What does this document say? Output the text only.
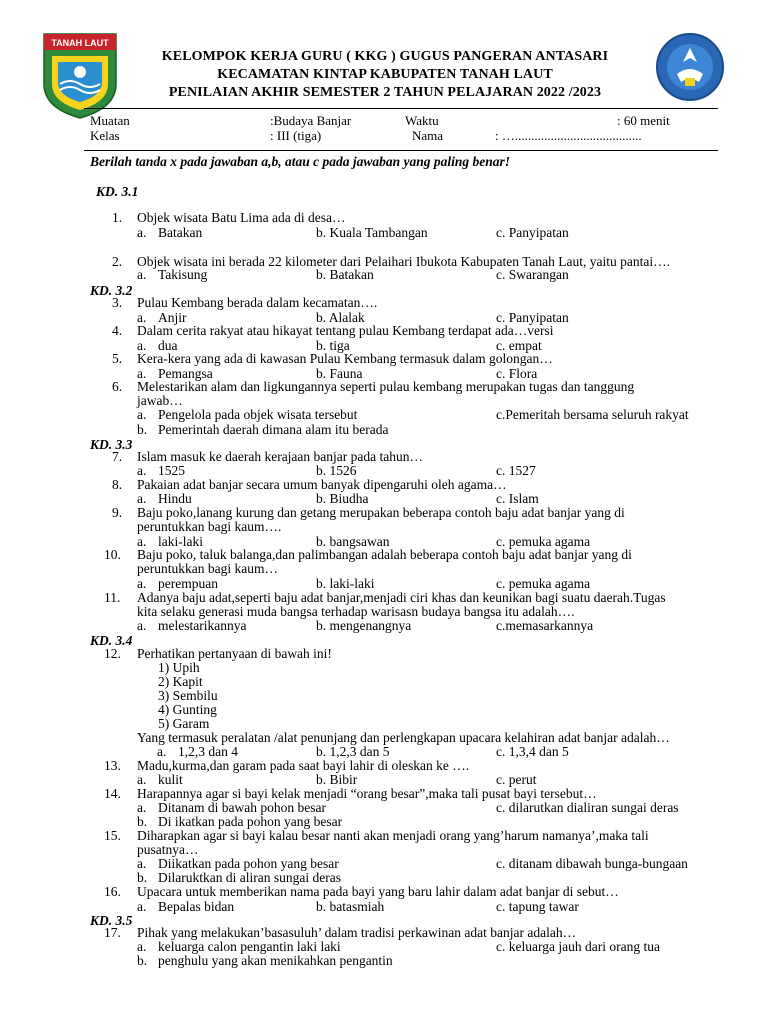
TANAH LAUT
KELOMPOK KERJA GURU ( KKG ) GUGUS PANGERAN ANTASARI
KECAMATAN KINTAP KABUPATEN TANAH LAUT
PENILAIAN AKHIR SEMESTER 2 TAHUN PELAJARAN 2022 /2023
Muatan	:Budaya Banjar	Waktu	: 60 menit
Kelas	: III (tiga)	Nama	: ….......................................
Berilah tanda x pada jawaban a,b, atau c pada jawaban yang paling benar!
KD. 3.1
KD. 3.2
KD. 3.3
KD. 3.4
KD. 3.5
1. Objek wisata Batu Lima ada di desa…
a. Batakan	b. Kuala Tambangan	c. Panyipatan
2. Objek wisata ini berada 22 kilometer dari Pelaihari Ibukota Kabupaten Tanah Laut, yaitu pantai….
a. Takisung	b. Batakan	c. Swarangan
3. Pulau Kembang berada dalam kecamatan….
a. Anjir	b. Alalak	c. Panyipatan
4. Dalam cerita rakyat atau hikayat tentang pulau Kembang terdapat ada…versi
a. dua	b. tiga	c. empat
5. Kera-kera yang ada di kawasan Pulau Kembang termasuk dalam golongan…
a. Pemangsa	b. Fauna	c. Flora
6. Melestarikan alam dan ligkungannya seperti pulau kembang merupakan tugas dan tanggung
jawab…
a. Pengelola pada objek wisata tersebut	c.Pemeritah bersama seluruh rakyat
b. Pemerintah daerah dimana alam itu berada
7. Islam masuk ke daerah kerajaan banjar pada tahun…
a. 1525	b. 1526	c. 1527
8. Pakaian adat banjar secara umum banyak dipengaruhi oleh agama…
a. Hindu	b. Biudha	c. Islam
9. Baju poko,lanang kurung dan getang merupakan beberapa contoh baju adat banjar yang di
peruntukkan bagi kaum….
a. laki-laki	b. bangsawan	c. pemuka agama
10. Baju poko, taluk balanga,dan palimbangan adalah beberapa contoh baju adat banjar yang di
peruntukkan bagi kaum…
a. perempuan	b. laki-laki	c. pemuka agama
11. Adanya baju adat,seperti baju adat banjar,menjadi ciri khas dan keunikan bagi suatu daerah.Tugas
kita selaku generasi muda bangsa terhadap warisasn budaya bangsa itu adalah….
a. melestarikannya	b. mengenangnya	c.memasarkannya
12. Perhatikan pertanyaan di bawah ini!
1) Upih
2) Kapit
3) Sembilu
4) Gunting
5) Garam
Yang termasuk peralatan /alat penunjang dan perlengkapan upacara kelahiran adat banjar adalah…
a. 1,2,3 dan 4	b. 1,2,3 dan 5	c. 1,3,4 dan 5
13. Madu,kurma,dan garam pada saat bayi lahir di oleskan ke ….
a. kulit	b. Bibir	c. perut
14. Harapannya agar si bayi kelak menjadi “orang besar”,maka tali pusat bayi tersebut…
a. Ditanam di bawah pohon besar	c. dilarutkan dialiran sungai deras
b. Di ikatkan pada pohon yang besar
15. Diharapkan agar si bayi kalau besar nanti akan menjadi orang yang’harum namanya’,maka tali
pusatnya…
a. Diikatkan pada pohon yang besar	c. ditanam dibawah bunga-bungaan
b. Dilaruktkan di aliran sungai deras
16. Upacara untuk memberikan nama pada bayi yang baru lahir dalam adat banjar di sebut…
a. Bepalas bidan	b. batasmiah	c. tapung tawar
17. Pihak yang melakukan’basasuluh’ dalam tradisi perkawinan adat banjar adalah…
a. keluarga calon pengantin laki laki	c. keluarga jauh dari orang tua
b. penghulu yang akan menikahkan pengantin
